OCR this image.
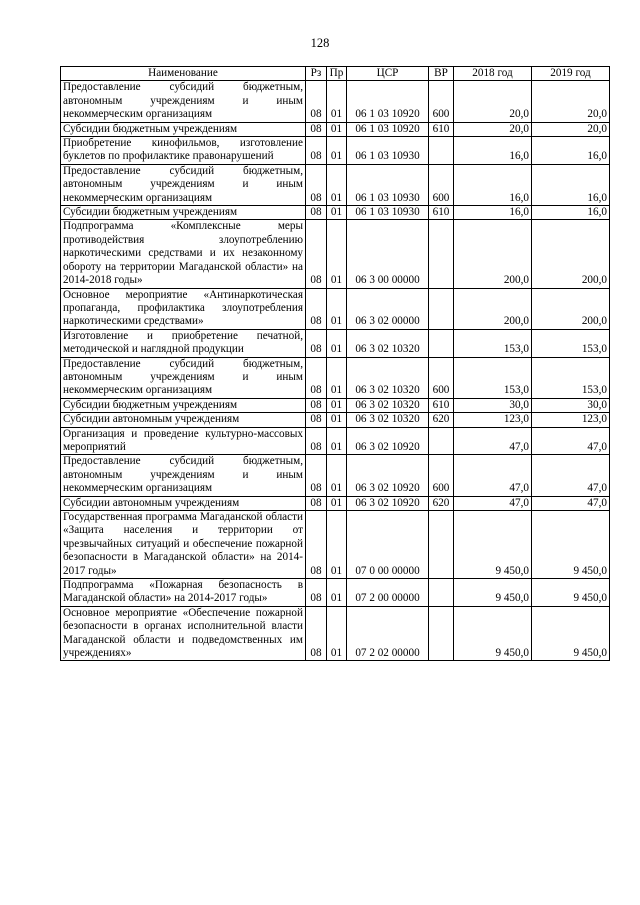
128
Наименование	Рз	Пр	ЦСР	ВР	2018 год	2019 год

Предоставление субсидий бюджетным, автономным учреждениям и иным некоммерческим организациям	08	01	06 1 03 10920	600	20,0	20,0

Субсидии бюджетным учреждениям	08	01	06 1 03 10920	610	20,0	20,0

Приобретение кинофильмов, изготовление буклетов по профилактике правонарушений	08	01	06 1 03 10930		16,0	16,0

Предоставление субсидий бюджетным, автономным учреждениям и иным некоммерческим организациям	08	01	06 1 03 10930	600	16,0	16,0

Субсидии бюджетным учреждениям	08	01	06 1 03 10930	610	16,0	16,0

Подпрограмма «Комплексные меры противодействия злоупотреблению наркотическими средствами и их незаконному обороту на территории Магаданской области» на 2014-2018 годы»	08	01	06 3 00 00000		200,0	200,0

Основное мероприятие «Антинаркотическая пропаганда, профилактика злоупотребления наркотическими средствами»	08	01	06 3 02 00000		200,0	200,0

Изготовление и приобретение печатной, методической и наглядной продукции	08	01	06 3 02 10320		153,0	153,0

Предоставление субсидий бюджетным, автономным учреждениям и иным некоммерческим организациям	08	01	06 3 02 10320	600	153,0	153,0

Субсидии бюджетным учреждениям	08	01	06 3 02 10320	610	30,0	30,0

Субсидии автономным учреждениям	08	01	06 3 02 10320	620	123,0	123,0

Организация и проведение культурно-массовых мероприятий	08	01	06 3 02 10920		47,0	47,0

Предоставление субсидий бюджетным, автономным учреждениям и иным некоммерческим организациям	08	01	06 3 02 10920	600	47,0	47,0

Субсидии автономным учреждениям	08	01	06 3 02 10920	620	47,0	47,0

Государственная программа Магаданской области «Защита населения и территории от чрезвычайных ситуаций и обеспечение пожарной безопасности в Магаданской области» на 2014-2017 годы»	08	01	07 0 00 00000		9 450,0	9 450,0

Подпрограмма «Пожарная безопасность в Магаданской области» на 2014-2017 годы»	08	01	07 2 00 00000		9 450,0	9 450,0

Основное мероприятие «Обеспечение пожарной безопасности в органах исполнительной власти Магаданской области и подведомственных им учреждениях»	08	01	07 2 02 00000		9 450,0	9 450,0
